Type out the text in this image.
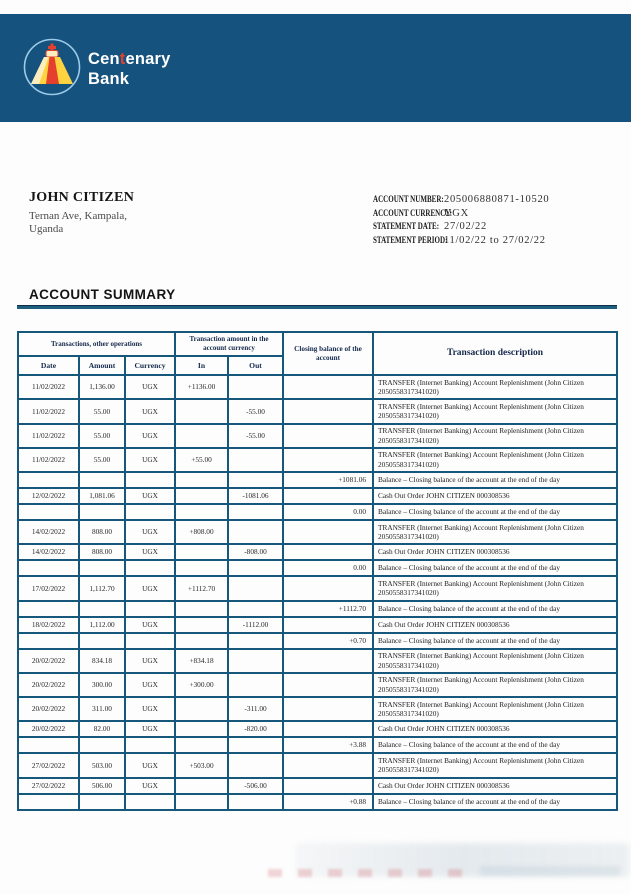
Centenary
Bank
JOHN CITIZEN
Ternan Ave, Kampala,
Uganda
ACCOUNT NUMBER: 205006880871-10520
ACCOUNT CURRENCY:
UGX
STATEMENT DATE: 27/02/22
STATEMENT PERIOD:
11/02/22 to 27/02/22
ACCOUNT SUMMARY
Transactions, other operations			Transaction amount in the account currency		Closing balance of the account	Transaction description
Date	Amount	Currency	In	Out		
11/02/2022	1,136.00	UGX	+1136.00			TRANSFER (Internet Banking) Account Replenishment (John Citizen 2050558317341020)
11/02/2022	55.00	UGX		-55.00		TRANSFER (Internet Banking) Account Replenishment (John Citizen 2050558317341020)
11/02/2022	55.00	UGX		-55.00		TRANSFER (Internet Banking) Account Replenishment (John Citizen 2050558317341020)
11/02/2022	55.00	UGX	+55.00			TRANSFER (Internet Banking) Account Replenishment (John Citizen 2050558317341020)
					+1081.06	Balance – Closing balance of the account at the end of the day
12/02/2022	1,081.06	UGX		-1081.06		Cash Out Order JOHN CITIZEN 000308536
					0.00	Balance – Closing balance of the account at the end of the day
14/02/2022	808.00	UGX	+808.00			TRANSFER (Internet Banking) Account Replenishment (John Citizen 2050558317341020)
14/02/2022	808.00	UGX		-808.00		Cash Out Order JOHN CITIZEN 000308536
					0.00	Balance – Closing balance of the account at the end of the day
17/02/2022	1,112.70	UGX	+1112.70			TRANSFER (Internet Banking) Account Replenishment (John Citizen 2050558317341020)
					+1112.70	Balance – Closing balance of the account at the end of the day
18/02/2022	1,112.00	UGX		-1112.00		Cash Out Order JOHN CITIZEN 000308536
					+0.70	Balance – Closing balance of the account at the end of the day
20/02/2022	834.18	UGX	+834.18			TRANSFER (Internet Banking) Account Replenishment (John Citizen 2050558317341020)
20/02/2022	300.00	UGX	+300.00			TRANSFER (Internet Banking) Account Replenishment (John Citizen 2050558317341020)
20/02/2022	311.00	UGX		-311.00		TRANSFER (Internet Banking) Account Replenishment (John Citizen 2050558317341020)
20/02/2022	82.00	UGX		-820.00		Cash Out Order JOHN CITIZEN 000308536
					+3.88	Balance – Closing balance of the account at the end of the day
27/02/2022	503.00	UGX	+503.00			TRANSFER (Internet Banking) Account Replenishment (John Citizen 2050558317341020)
27/02/2022	506.00	UGX		-506.00		Cash Out Order JOHN CITIZEN 000308536
					+0.88	Balance – Closing balance of the account at the end of the day
